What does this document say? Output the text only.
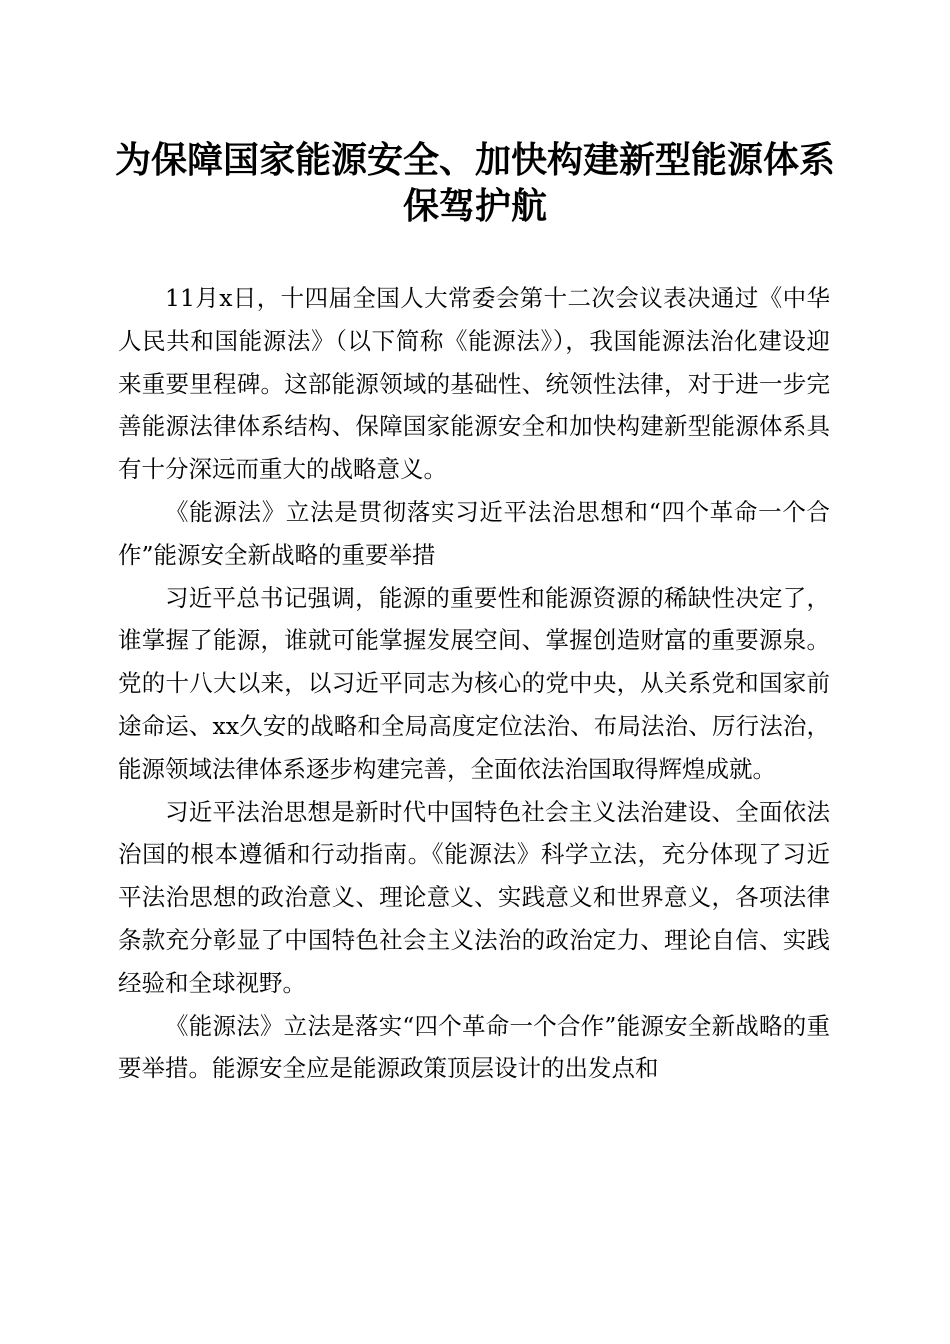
为保障国家能源安全、加快构建新型能源体系
保驾护航

11月x日，十四届全国人大常委会第十二次会议表决通过《中华人民共和国能源法》（以下简称《能源法》），我国能源法治化建设迎来重要里程碑。这部能源领域的基础性、统领性法律，对于进一步完善能源法律体系结构、保障国家能源安全和加快构建新型能源体系具有十分深远而重大的战略意义。

《能源法》立法是贯彻落实习近平法治思想和“四个革命一个合作”能源安全新战略的重要举措

习近平总书记强调，能源的重要性和能源资源的稀缺性决定了，谁掌握了能源，谁就可能掌握发展空间、掌握创造财富的重要源泉。党的十八大以来，以习近平同志为核心的党中央，从关系党和国家前途命运、xx久安的战略和全局高度定位法治、布局法治、厉行法治，能源领域法律体系逐步构建完善，全面依法治国取得辉煌成就。

习近平法治思想是新时代中国特色社会主义法治建设、全面依法治国的根本遵循和行动指南。《能源法》科学立法，充分体现了习近平法治思想的政治意义、理论意义、实践意义和世界意义，各项法律条款充分彰显了中国特色社会主义法治的政治定力、理论自信、实践经验和全球视野。

《能源法》立法是落实“四个革命一个合作”能源安全新战略的重要举措。能源安全应是能源政策顶层设计的出发点和
